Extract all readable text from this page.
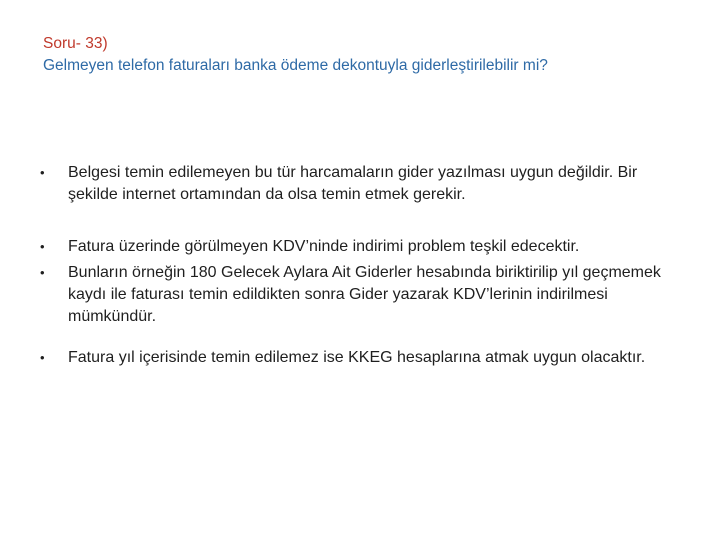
Soru- 33)
Gelmeyen telefon faturaları banka ödeme dekontuyla giderleştirilebilir mi?
•	Belgesi temin edilemeyen bu tür harcamaların gider yazılması uygun değildir. Bir şekilde internet ortamından da olsa temin etmek gerekir.
•	Fatura üzerinde görülmeyen KDV’ninde indirimi problem teşkil edecektir.
•	Bunların örneğin 180 Gelecek Aylara Ait Giderler hesabında biriktirilip yıl geçmemek kaydı ile faturası temin edildikten sonra Gider yazarak KDV’lerinin indirilmesi mümkündür.
•	Fatura yıl içerisinde temin edilemez ise KKEG hesaplarına atmak uygun olacaktır.
